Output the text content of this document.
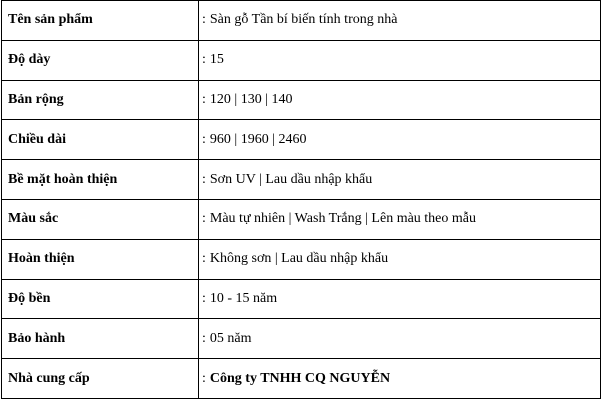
Tên sản phẩm	: Sàn gỗ Tần bí biến tính trong nhà
Độ dày	: 15
Bản rộng	: 120 | 130 | 140
Chiều dài	: 960 | 1960 | 2460
Bề mặt hoàn thiện	: Sơn UV | Lau dầu nhập khẩu
Màu sắc	: Màu tự nhiên | Wash Trắng | Lên màu theo mẫu
Hoàn thiện	: Không sơn | Lau dầu nhập khẩu
Độ bền	: 10 - 15 năm
Bảo hành	: 05 năm
Nhà cung cấp	: Công ty TNHH CQ NGUYỄN
